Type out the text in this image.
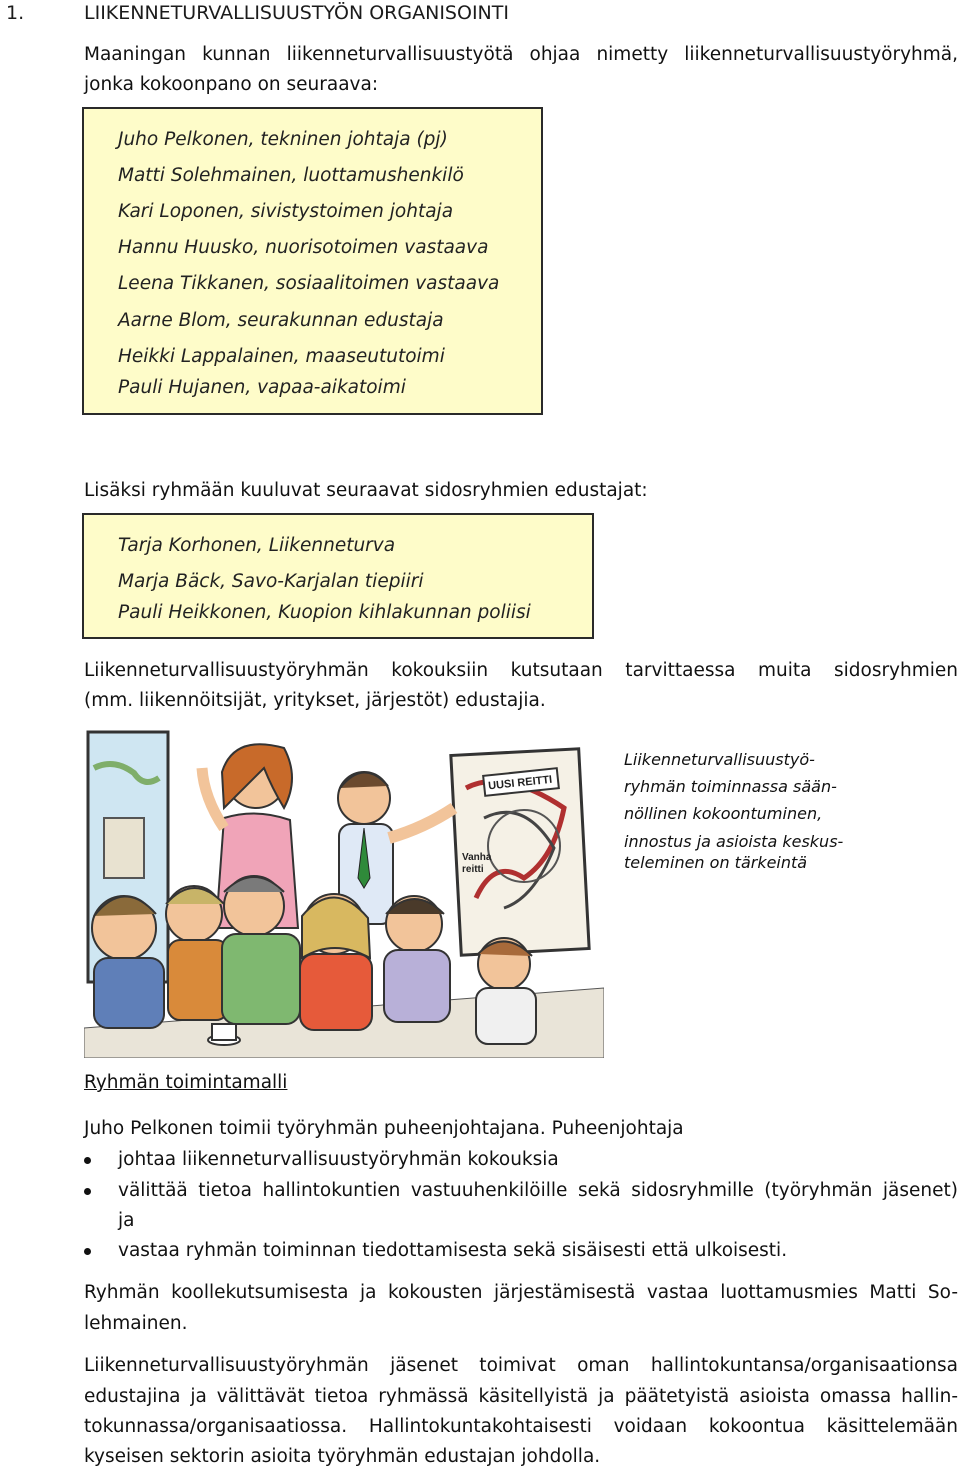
1.	LIIKENNETURVALLISUUSTYÖN ORGANISOINTI
Maaningan kunnan liikenneturvallisuustyötä ohjaa nimetty liikenneturvallisuustyöryhmä,
jonka kokoonpano on seuraava:
Juho Pelkonen, tekninen johtaja (pj)
Matti Solehmainen, luottamushenkilö
Kari Loponen, sivistystoimen johtaja
Hannu Huusko, nuorisotoimen vastaava
Leena Tikkanen, sosiaalitoimen vastaava
Aarne Blom, seurakunnan edustaja
Heikki Lappalainen, maaseututoimi
Pauli Hujanen, vapaa-aikatoimi
Lisäksi ryhmään kuuluvat seuraavat sidosryhmien edustajat:
Tarja Korhonen, Liikenneturva
Marja Bäck, Savo-Karjalan tiepiiri
Pauli Heikkonen, Kuopion kihlakunnan poliisi
Liikenneturvallisuustyöryhmän kokouksiin kutsutaan tarvittaessa muita sidosryhmien
(mm. liikennöitsijät, yritykset, järjestöt) edustajia.
UUSI REITTI
Vanha
reitti
Liikenneturvallisuustyö-
ryhmän toiminnassa sään-
nöllinen kokoontuminen,
innostus ja asioista keskus-
teleminen on tärkeintä
Ryhmän toimintamalli
Juho Pelkonen toimii työryhmän puheenjohtajana. Puheenjohtaja
johtaa liikenneturvallisuustyöryhmän kokouksia
välittää tietoa hallintokuntien vastuuhenkilöille sekä sidosryhmille (työryhmän jäsenet)
ja
vastaa ryhmän toiminnan tiedottamisesta sekä sisäisesti että ulkoisesti.
Ryhmän koollekutsumisesta ja kokousten järjestämisestä vastaa luottamusmies Matti So-
lehmainen.
Liikenneturvallisuustyöryhmän jäsenet toimivat oman hallintokuntansa/organisaationsa
edustajina ja välittävät tietoa ryhmässä käsitellyistä ja päätetyistä asioista omassa hallin-
tokunnassa/organisaatiossa. Hallintokuntakohtaisesti voidaan kokoontua käsittelemään
kyseisen sektorin asioita työryhmän edustajan johdolla.
